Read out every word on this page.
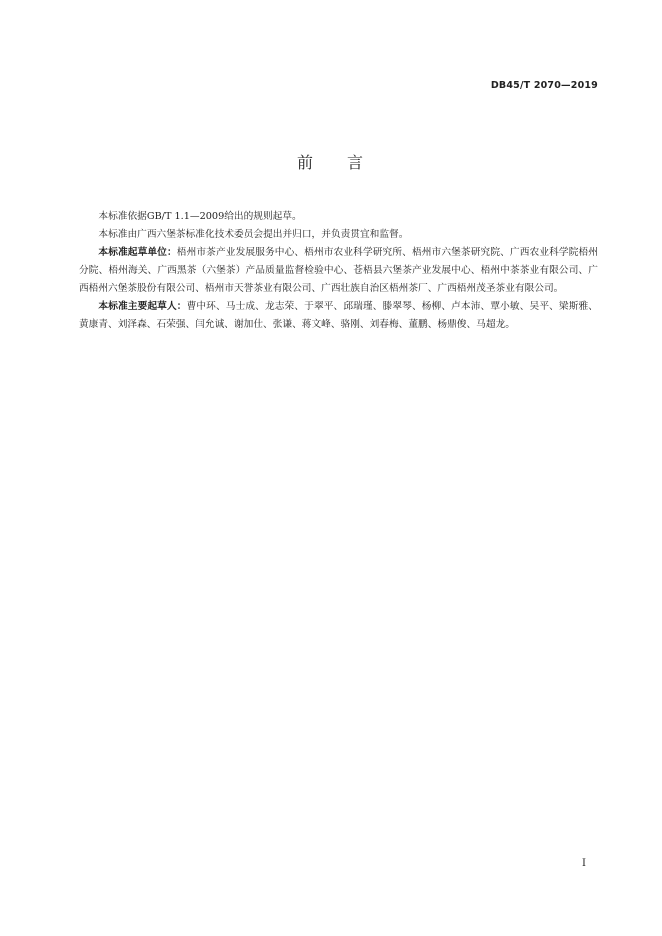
DB45/T 2070—2019
前 言

本标准依据GB/T 1.1—2009给出的规则起草。

本标准由广西六堡茶标准化技术委员会提出并归口，并负责贯宜和监督。

本标准起草单位：梧州市茶产业发展服务中心、梧州市农业科学研究所、梧州市六堡茶研究院、广西农业科学院梧州分院、梧州海关、广西黑茶（六堡茶）产品质量监督检验中心、苍梧县六堡茶产业发展中心、梧州中茶茶业有限公司、广西梧州六堡茶股份有限公司、梧州市天誉茶业有限公司、广西壮族自治区梧州茶厂、广西梧州茂圣茶业有限公司。

本标准主要起草人：曹中环、马士成、龙志荣、于翠平、邱瑞瑾、滕翠琴、杨柳、卢本沛、覃小敏、吴平、梁斯雅、黄康青、刘泽森、石荣强、闫允诚、谢加仕、张谦、蒋文峰、骆刚、刘春梅、董鹏、杨鼎俊、马超龙。

I
